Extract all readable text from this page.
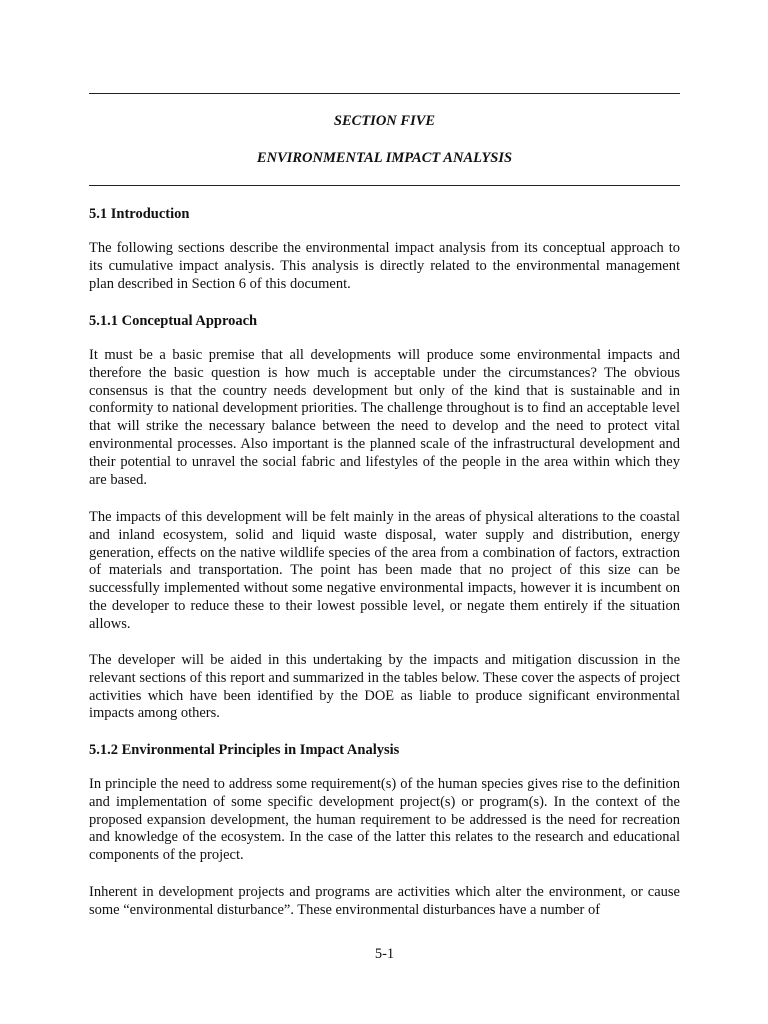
SECTION FIVE
ENVIRONMENTAL IMPACT ANALYSIS
5.1 Introduction

The following sections describe the environmental impact analysis from its conceptual approach to its cumulative impact analysis. This analysis is directly related to the environmental management plan described in Section 6 of this document.

5.1.1 Conceptual Approach

It must be a basic premise that all developments will produce some environmental impacts and therefore the basic question is how much is acceptable under the circumstances? The obvious consensus is that the country needs development but only of the kind that is sustainable and in conformity to national development priorities. The challenge throughout is to find an acceptable level that will strike the necessary balance between the need to develop and the need to protect vital environmental processes. Also important is the planned scale of the infrastructural development and their potential to unravel the social fabric and lifestyles of the people in the area within which they are based.

The impacts of this development will be felt mainly in the areas of physical alterations to the coastal and inland ecosystem, solid and liquid waste disposal, water supply and distribution, energy generation, effects on the native wildlife species of the area from a combination of factors, extraction of materials and transportation. The point has been made that no project of this size can be successfully implemented without some negative environmental impacts, however it is incumbent on the developer to reduce these to their lowest possible level, or negate them entirely if the situation allows.

The developer will be aided in this undertaking by the impacts and mitigation discussion in the relevant sections of this report and summarized in the tables below. These cover the aspects of project activities which have been identified by the DOE as liable to produce significant environmental impacts among others.

5.1.2 Environmental Principles in Impact Analysis

In principle the need to address some requirement(s) of the human species gives rise to the definition and implementation of some specific development project(s) or program(s). In the context of the proposed expansion development, the human requirement to be addressed is the need for recreation and knowledge of the ecosystem. In the case of the latter this relates to the research and educational components of the project.

Inherent in development projects and programs are activities which alter the environment, or cause some “environmental disturbance”. These environmental disturbances have a number of

5-1
